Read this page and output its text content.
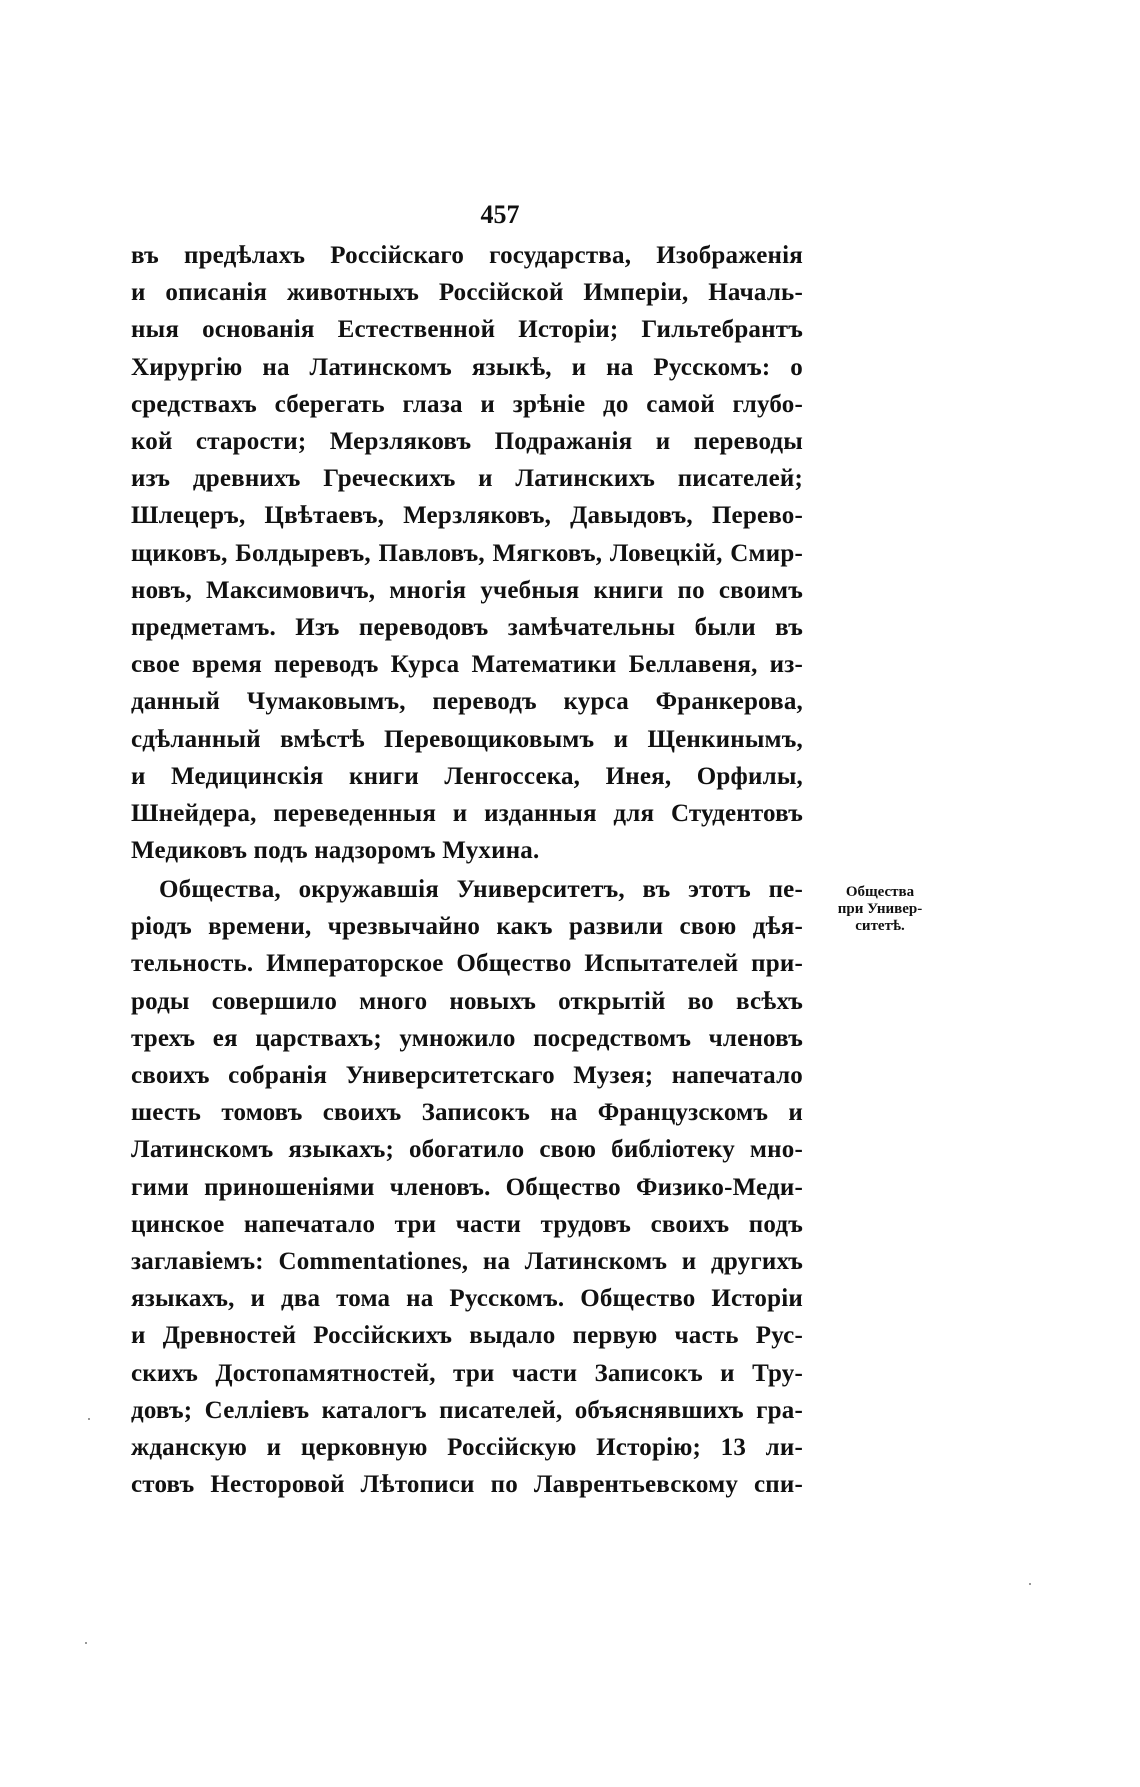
457
въ предѣлахъ Россійскаго государства, Изображенія
и описанія животныхъ Россійской Имперіи, Началь-
ныя основанія Естественной Исторіи; Гильтебрантъ
Хирургію на Латинскомъ языкѣ, и на Русскомъ: о
средствахъ сберегать глаза и зрѣніе до самой глубо-
кой старости; Мерзляковъ Подражанія и переводы
изъ древнихъ Греческихъ и Латинскихъ писателей;
Шлецеръ, Цвѣтаевъ, Мерзляковъ, Давыдовъ, Перево-
щиковъ, Болдыревъ, Павловъ, Мягковъ, Ловецкій, Смир-
новъ, Максимовичъ, многія учебныя книги по своимъ
предметамъ. Изъ переводовъ замѣчательны были въ
свое время переводъ Курса Математики Беллавеня, из-
данный Чумаковымъ, переводъ курса Франкерова,
сдѣланный вмѣстѣ Перевощиковымъ и Щенкинымъ,
и Медицинскія книги Ленгоссека, Инея, Орфилы,
Шнейдера, переведенныя и изданныя для Студентовъ
Медиковъ подъ надзоромъ Мухина.
Общества, окружавшія Университетъ, въ этотъ пе-
ріодъ времени, чрезвычайно какъ развили свою дѣя-
тельность. Императорское Общество Испытателей при-
роды совершило много новыхъ открытій во всѣхъ
трехъ ея царствахъ; умножило посредствомъ членовъ
своихъ собранія Университетскаго Музея; напечатало
шесть томовъ своихъ Записокъ на Французскомъ и
Латинскомъ языкахъ; обогатило свою библіотеку мно-
гими приношеніями членовъ. Общество Физико-Меди-
цинское напечатало три части трудовъ своихъ подъ
заглавіемъ: Commentationes, на Латинскомъ и другихъ
языкахъ, и два тома на Русскомъ. Общество Исторіи
и Древностей Россійскихъ выдало первую часть Рус-
скихъ Достопамятностей, три части Записокъ и Тру-
довъ; Селліевъ каталогъ писателей, объяснявшихъ гра-
жданскую и церковную Россійскую Исторію; 13 ли-
стовъ Несторовой Лѣтописи по Лаврентьевскому спи-
Общества
при Универ-
ситетѣ.
